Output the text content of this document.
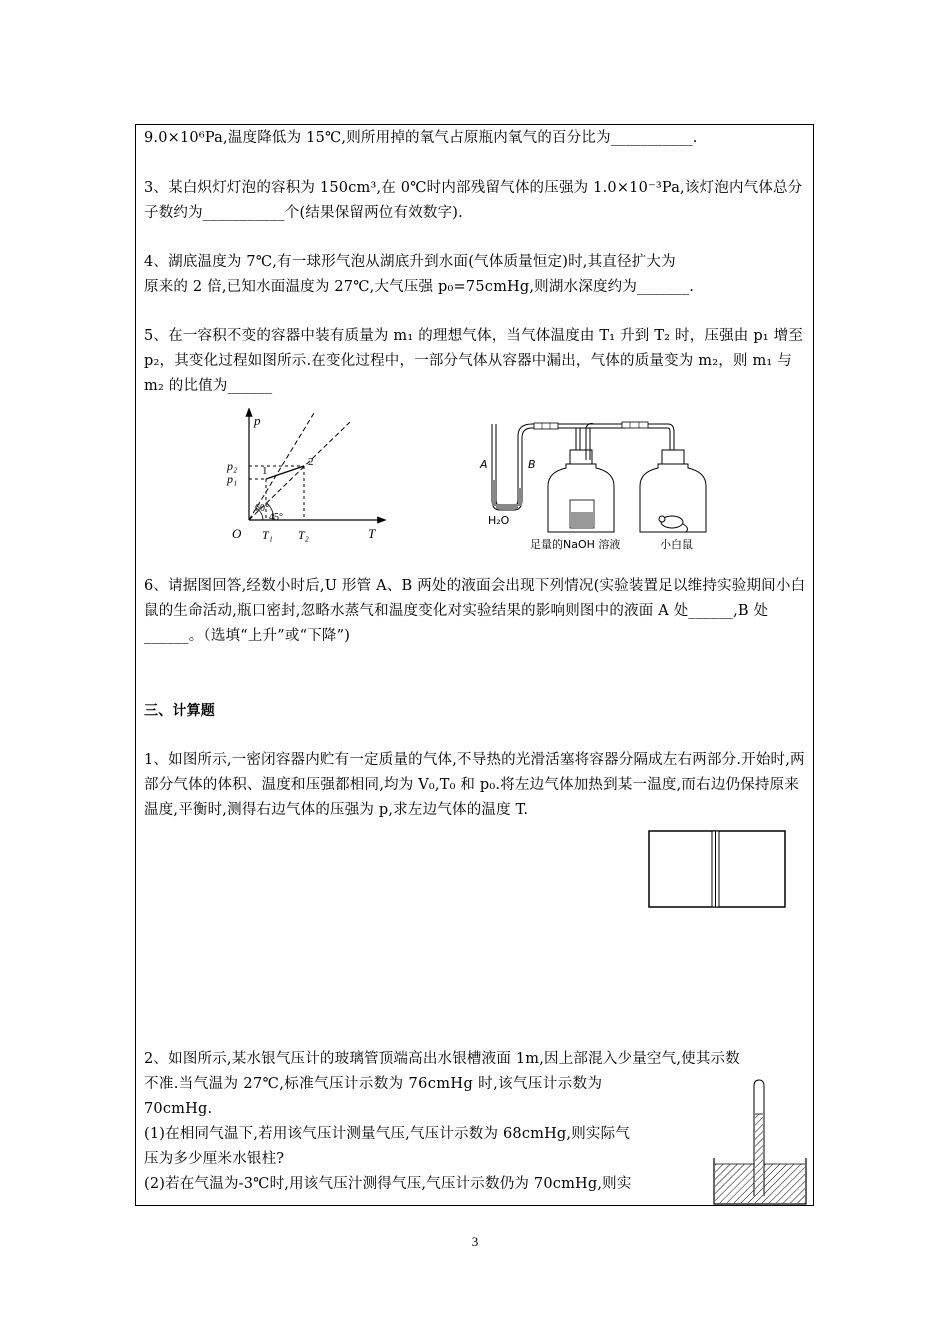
9.0×10⁶Pa,温度降低为 15℃,则所用掉的氧气占原瓶内氧气的百分比为___________.
3、某白炽灯灯泡的容积为 150cm³,在 0℃时内部残留气体的压强为 1.0×10⁻³Pa,该灯泡内气体总分子数约为___________个(结果保留两位有效数字).
4、湖底温度为 7℃,有一球形气泡从湖底升到水面(气体质量恒定)时,其直径扩大为
原来的 2 倍,已知水面温度为 27℃,大气压强 p₀=75cmHg,则湖水深度约为_______.
5、在一容积不变的容器中装有质量为 m₁ 的理想气体，当气体温度由 T₁ 升到 T₂ 时，压强由 p₁ 增至 p₂，其变化过程如图所示.在变化过程中，一部分气体从容器中漏出，气体的质量变为 m₂，则 m₁ 与 m₂ 的比值为______
p
T
O
p₂
p₁
T₁ T₂
1
2
60°
45°
A	B
H₂O
足量的NaOH 溶液	小白鼠
6、请据图回答,经数小时后,U 形管 A、B 两处的液面会出现下列情况(实验装置足以维持实验期间小白鼠的生命活动,瓶口密封,忽略水蒸气和温度变化对实验结果的影响则图中的液面 A 处______,B 处______。（选填“上升”或“下降”)
三、计算题
1、如图所示,一密闭容器内贮有一定质量的气体,不导热的光滑活塞将容器分隔成左右两部分.开始时,两部分气体的体积、温度和压强都相同,均为 V₀,T₀ 和 p₀.将左边气体加热到某一温度,而右边仍保持原来温度,平衡时,测得右边气体的压强为 p,求左边气体的温度 T.
2、如图所示,某水银气压计的玻璃管顶端高出水银槽液面 1m,因上部混入少量空气,使其示数
不准.当气温为 27℃,标准气压计示数为 76cmHg 时,该气压计示数为
70cmHg.
(1)在相同气温下,若用该气压计测量气压,气压计示数为 68cmHg,则实际气
压为多少厘米水银柱?
(2)若在气温为-3℃时,用该气压汁测得气压,气压计示数仍为 70cmHg,则实
3
